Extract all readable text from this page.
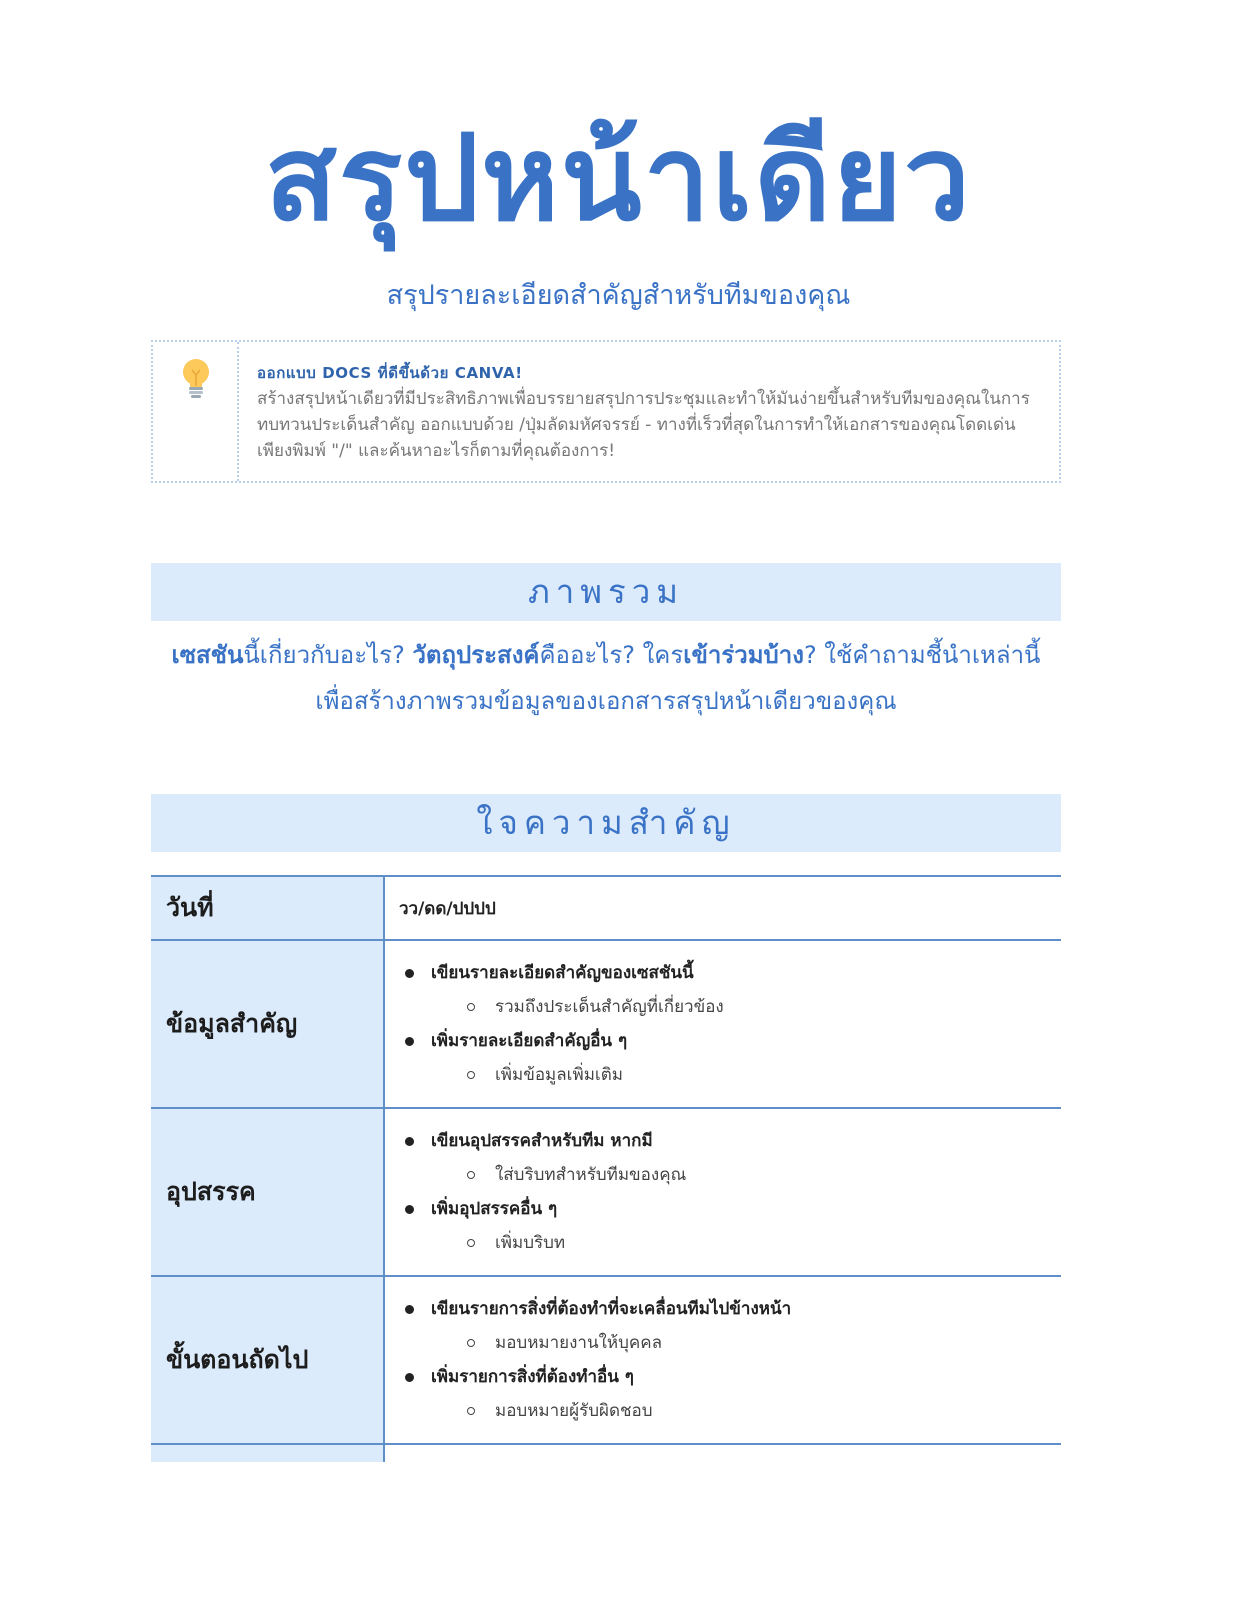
สรุปหน้าเดียว
สรุปรายละเอียดสำคัญสำหรับทีมของคุณ
ออกแบบ DOCS ที่ดีขึ้นด้วย CANVA!
สร้างสรุปหน้าเดียวที่มีประสิทธิภาพเพื่อบรรยายสรุปการประชุมและทำให้มันง่ายขึ้นสำหรับทีมของคุณในการทบทวนประเด็นสำคัญ ออกแบบด้วย /ปุ่มลัดมหัศจรรย์ - ทางที่เร็วที่สุดในการทำให้เอกสารของคุณโดดเด่น เพียงพิมพ์ "/" และค้นหาอะไรก็ตามที่คุณต้องการ!
ภาพรวม
เซสชันนี้เกี่ยวกับอะไร? วัตถุประสงค์คืออะไร? ใครเข้าร่วมบ้าง? ใช้คำถามชี้นำเหล่านี้ เพื่อสร้างภาพรวมข้อมูลของเอกสารสรุปหน้าเดียวของคุณ
ใจความสำคัญ
วันที่	วว/ดด/ปปปป
ข้อมูลสำคัญ	
เขียนรายละเอียดสำคัญของเซสชันนี้
รวมถึงประเด็นสำคัญที่เกี่ยวข้อง
เพิ่มรายละเอียดสำคัญอื่น ๆ
เพิ่มข้อมูลเพิ่มเติม

อุปสรรค	
เขียนอุปสรรคสำหรับทีม หากมี
ใส่บริบทสำหรับทีมของคุณ
เพิ่มอุปสรรคอื่น ๆ
เพิ่มบริบท

ขั้นตอนถัดไป	
เขียนรายการสิ่งที่ต้องทำที่จะเคลื่อนทีมไปข้างหน้า
มอบหมายงานให้บุคคล
เพิ่มรายการสิ่งที่ต้องทำอื่น ๆ
มอบหมายผู้รับผิดชอบ
